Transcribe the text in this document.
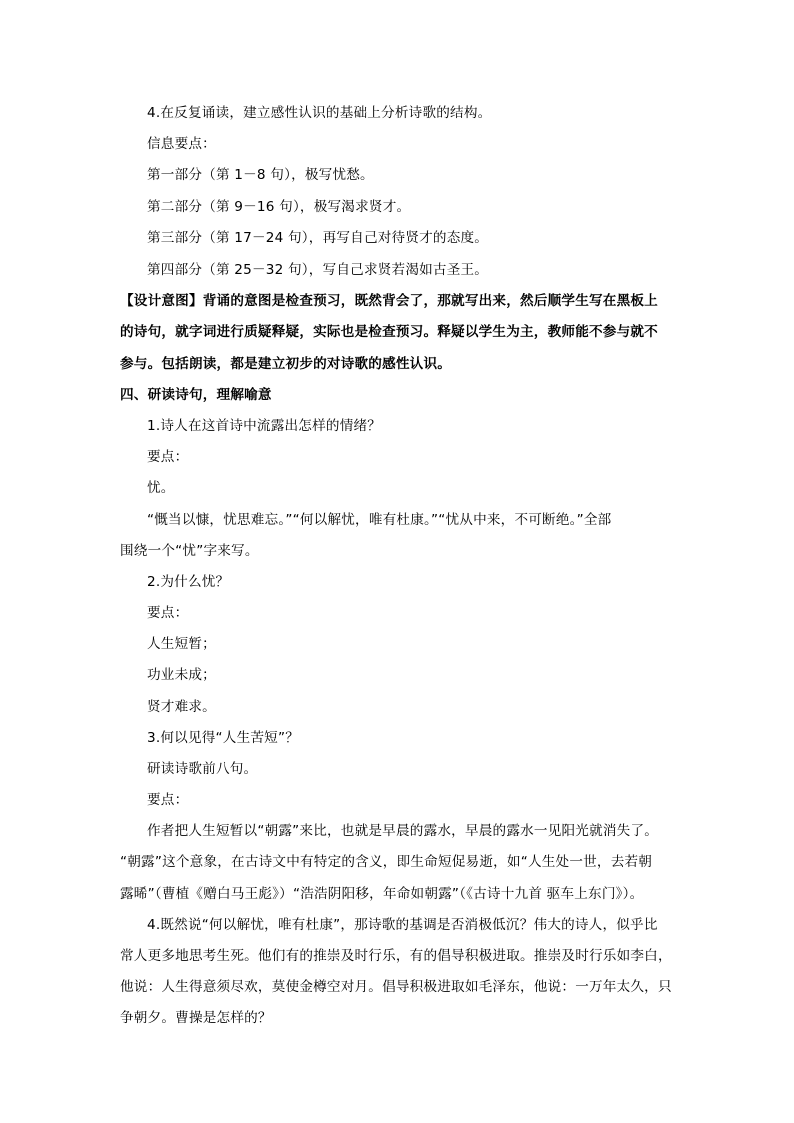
4.在反复诵读，建立感性认识的基础上分析诗歌的结构。
信息要点：
第一部分（第 1－8 句），极写忧愁。
第二部分（第 9－16 句），极写渴求贤才。
第三部分（第 17－24 句），再写自己对待贤才的态度。
第四部分（第 25－32 句），写自己求贤若渴如古圣王。
【设计意图】背诵的意图是检查预习，既然背会了，那就写出来，然后顺学生写在黑板上
的诗句，就字词进行质疑释疑，实际也是检查预习。释疑以学生为主，教师能不参与就不
参与。包括朗读，都是建立初步的对诗歌的感性认识。
四、研读诗句，理解喻意
1.诗人在这首诗中流露出怎样的情绪？
要点：
忧。
“慨当以慷，忧思难忘。”“何以解忧，唯有杜康。”“忧从中来，不可断绝。”全部
围绕一个“忧”字来写。
2.为什么忧？
要点：
人生短暂；
功业未成；
贤才难求。
3.何以见得“人生苦短”？
研读诗歌前八句。
要点：
作者把人生短暂以“朝露”来比，也就是早晨的露水，早晨的露水一见阳光就消失了。
“朝露”这个意象，在古诗文中有特定的含义，即生命短促易逝，如“人生处一世，去若朝
露晞”（曹植《赠白马王彪》）“浩浩阴阳移，年命如朝露”（《古诗十九首 驱车上东门》）。
4.既然说“何以解忧，唯有杜康”，那诗歌的基调是否消极低沉？伟大的诗人，似乎比
常人更多地思考生死。他们有的推崇及时行乐，有的倡导积极进取。推崇及时行乐如李白，
他说：人生得意须尽欢，莫使金樽空对月。倡导积极进取如毛泽东，他说：一万年太久，只
争朝夕。曹操是怎样的？
